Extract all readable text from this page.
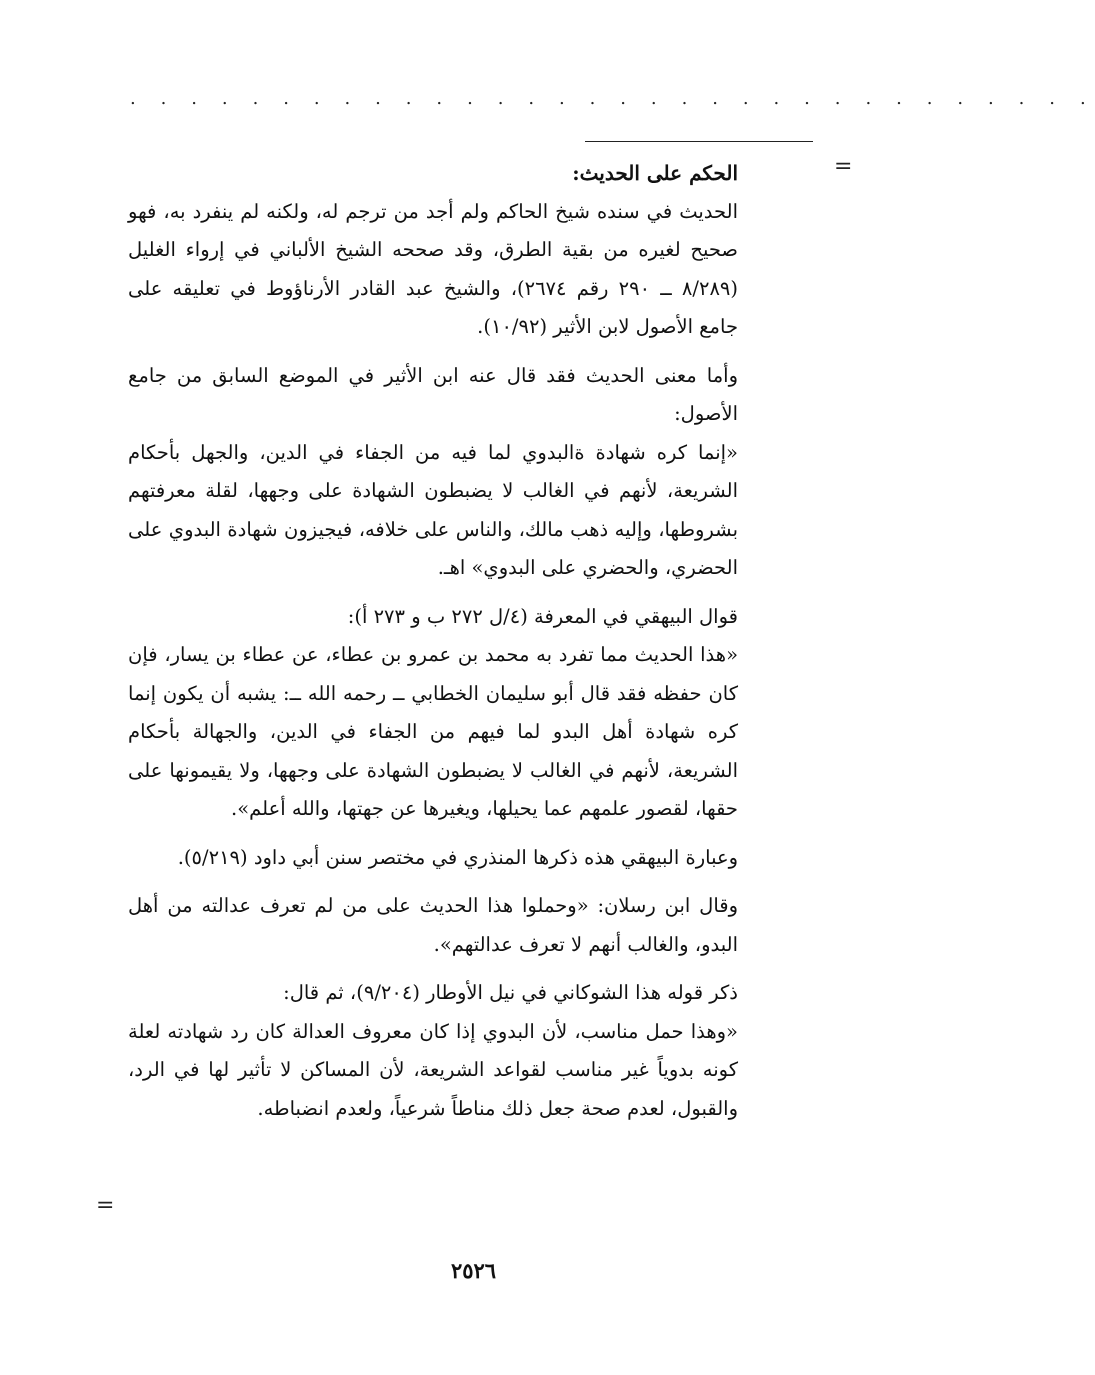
. . . . . . . . . . . . . . . . . . . . . . . . . . . . . . . .
=
=

الحكم على الحديث:

الحديث في سنده شيخ الحاكم ولم أجد من ترجم له، ولكنه لم ينفرد به، فهو صحيح لغيره من بقية الطرق، وقد صححه الشيخ الألباني في إرواء الغليل (٨/٢٨٩ ــ ٢٩٠ رقم ٢٦٧٤)، والشيخ عبد القادر الأرناؤوط في تعليقه على جامع الأصول لابن الأثير (١٠/٩٢).

وأما معنى الحديث فقد قال عنه ابن الأثير في الموضع السابق من جامع الأصول:

«إنما كره شهادة ةالبدوي لما فيه من الجفاء في الدين، والجهل بأحكام الشريعة، لأنهم في الغالب لا يضبطون الشهادة على وجهها، لقلة معرفتهم بشروطها، وإليه ذهب مالك، والناس على خلافه، فيجيزون شهادة البدوي على الحضري، والحضري على البدوي» اهـ.

قوال البيهقي في المعرفة (٤/ل ٢٧٢ ب و ٢٧٣ أ):

«هذا الحديث مما تفرد به محمد بن عمرو بن عطاء، عن عطاء بن يسار، فإن كان حفظه فقد قال أبو سليمان الخطابي ــ رحمه الله ــ: يشبه أن يكون إنما كره شهادة أهل البدو لما فيهم من الجفاء في الدين، والجهالة بأحكام الشريعة، لأنهم في الغالب لا يضبطون الشهادة على وجهها، ولا يقيمونها على حقها، لقصور علمهم عما يحيلها، ويغيرها عن جهتها، والله أعلم».

وعبارة البيهقي هذه ذكرها المنذري في مختصر سنن أبي داود (٥/٢١٩).

وقال ابن رسلان: «وحملوا هذا الحديث على من لم تعرف عدالته من أهل البدو، والغالب أنهم لا تعرف عدالتهم».

ذكر قوله هذا الشوكاني في نيل الأوطار (٩/٢٠٤)، ثم قال:

«وهذا حمل مناسب، لأن البدوي إذا كان معروف العدالة كان رد شهادته لعلة كونه بدوياً غير مناسب لقواعد الشريعة، لأن المساكن لا تأثير لها في الرد، والقبول، لعدم صحة جعل ذلك مناطاً شرعياً، ولعدم انضباطه.

٢٥٢٦
